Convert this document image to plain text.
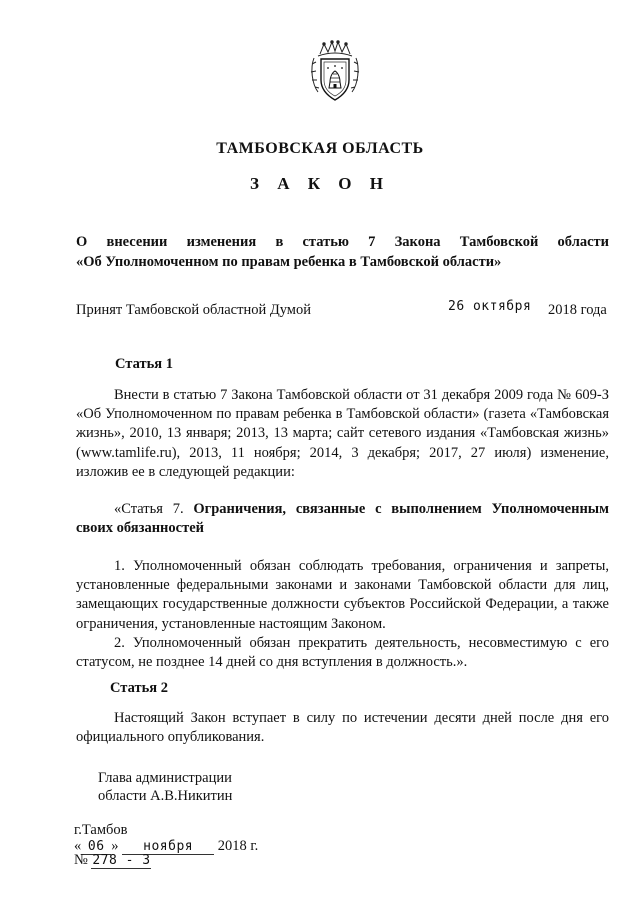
ТАМБОВСКАЯ ОБЛАСТЬ
З А К О Н
О внесении изменения в статью 7 Закона Тамбовской области
«Об Уполномоченном по правам ребенка в Тамбовской области»
Принят Тамбовской областной Думой	26 октября 2018 года
Статья 1
Внести в статью 7 Закона Тамбовской области от 31 декабря 2009 года № 609-З «Об Уполномоченном по правам ребенка в Тамбовской области» (газета «Тамбовская жизнь», 2010, 13 января; 2013, 13 марта; сайт сетевого издания «Тамбовская жизнь» (www.tamlife.ru), 2013, 11 ноября; 2014, 3 декабря; 2017, 27 июля) изменение, изложив ее в следующей редакции:
«Статья 7. Ограничения, связанные с выполнением Уполномоченным своих обязанностей
1. Уполномоченный обязан соблюдать требования, ограничения и запреты, установленные федеральными законами и законами Тамбовской области для лиц, замещающих государственные должности субъектов Российской Федерации, а также ограничения, установленные настоящим Законом.
2. Уполномоченный обязан прекратить деятельность, несовместимую с его статусом, не позднее 14 дней со дня вступления в должность.».
Статья 2
Настоящий Закон вступает в силу по истечении десяти дней после дня его официального опубликования.
Глава администрации
области А.В.Никитин
г.Тамбов
« 06 » ноября 2018 г.
№ 278 - З
